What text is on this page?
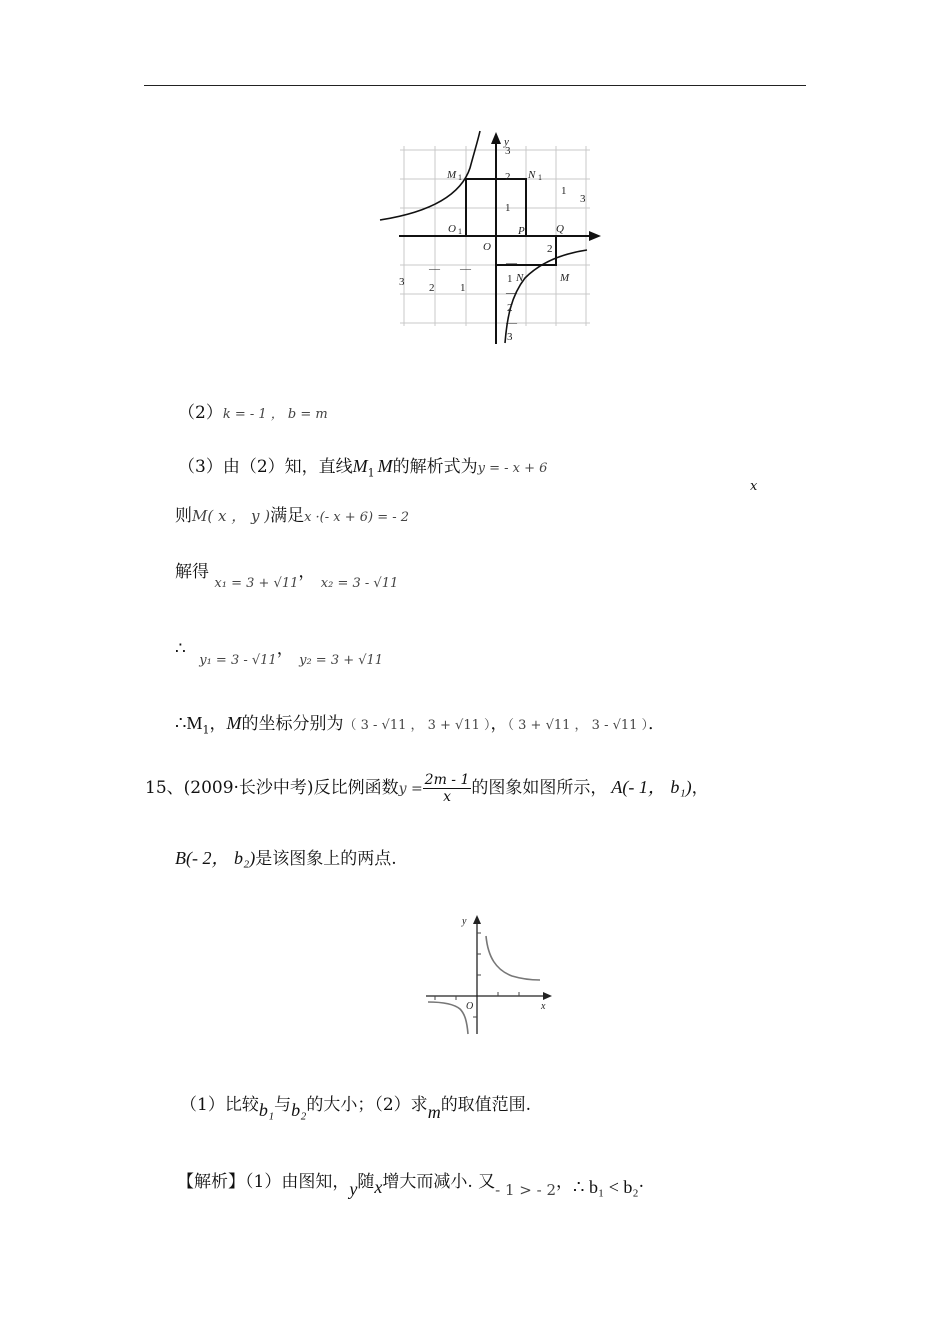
y
3
2
1
M 1	N 1
1
3
O 1
O
P	Q
2
3
—
2
—
1
—
1
—
2
—
3
N	M
（2）k = - 1 ， b = m
（3）由（2）知，直线$M_1$ M的解析式为y = - x + 6
x
则M( x ， y )满足x ·(- x + 6) = - 2
解得 $_{x_1 = 3 + √11}$， $_{x_2 = 3 - √11}$
∴ $_{y_1 = 3 - √11}$， $_{y_2 = 3 + √11}$
$\therefore M_1$，M的坐标分别为（ 3 - √11 ， 3 + √11 ），（ 3 + √11 ， 3 - √11 ）．
15、(2009·长沙中考)反比例函数$y = \frac{2m - 1}{x}$ 的图象如图所示， A(- 1， b₁)，
B(- 2， b₂)是该图象上的两点.
y
x
O
（1）比较b₁与b₂的大小；（2）求m的取值范围.
【解析】（1）由图知，y随x增大而减小. 又- 1 > - 2，∴ b₁ < b₂.
